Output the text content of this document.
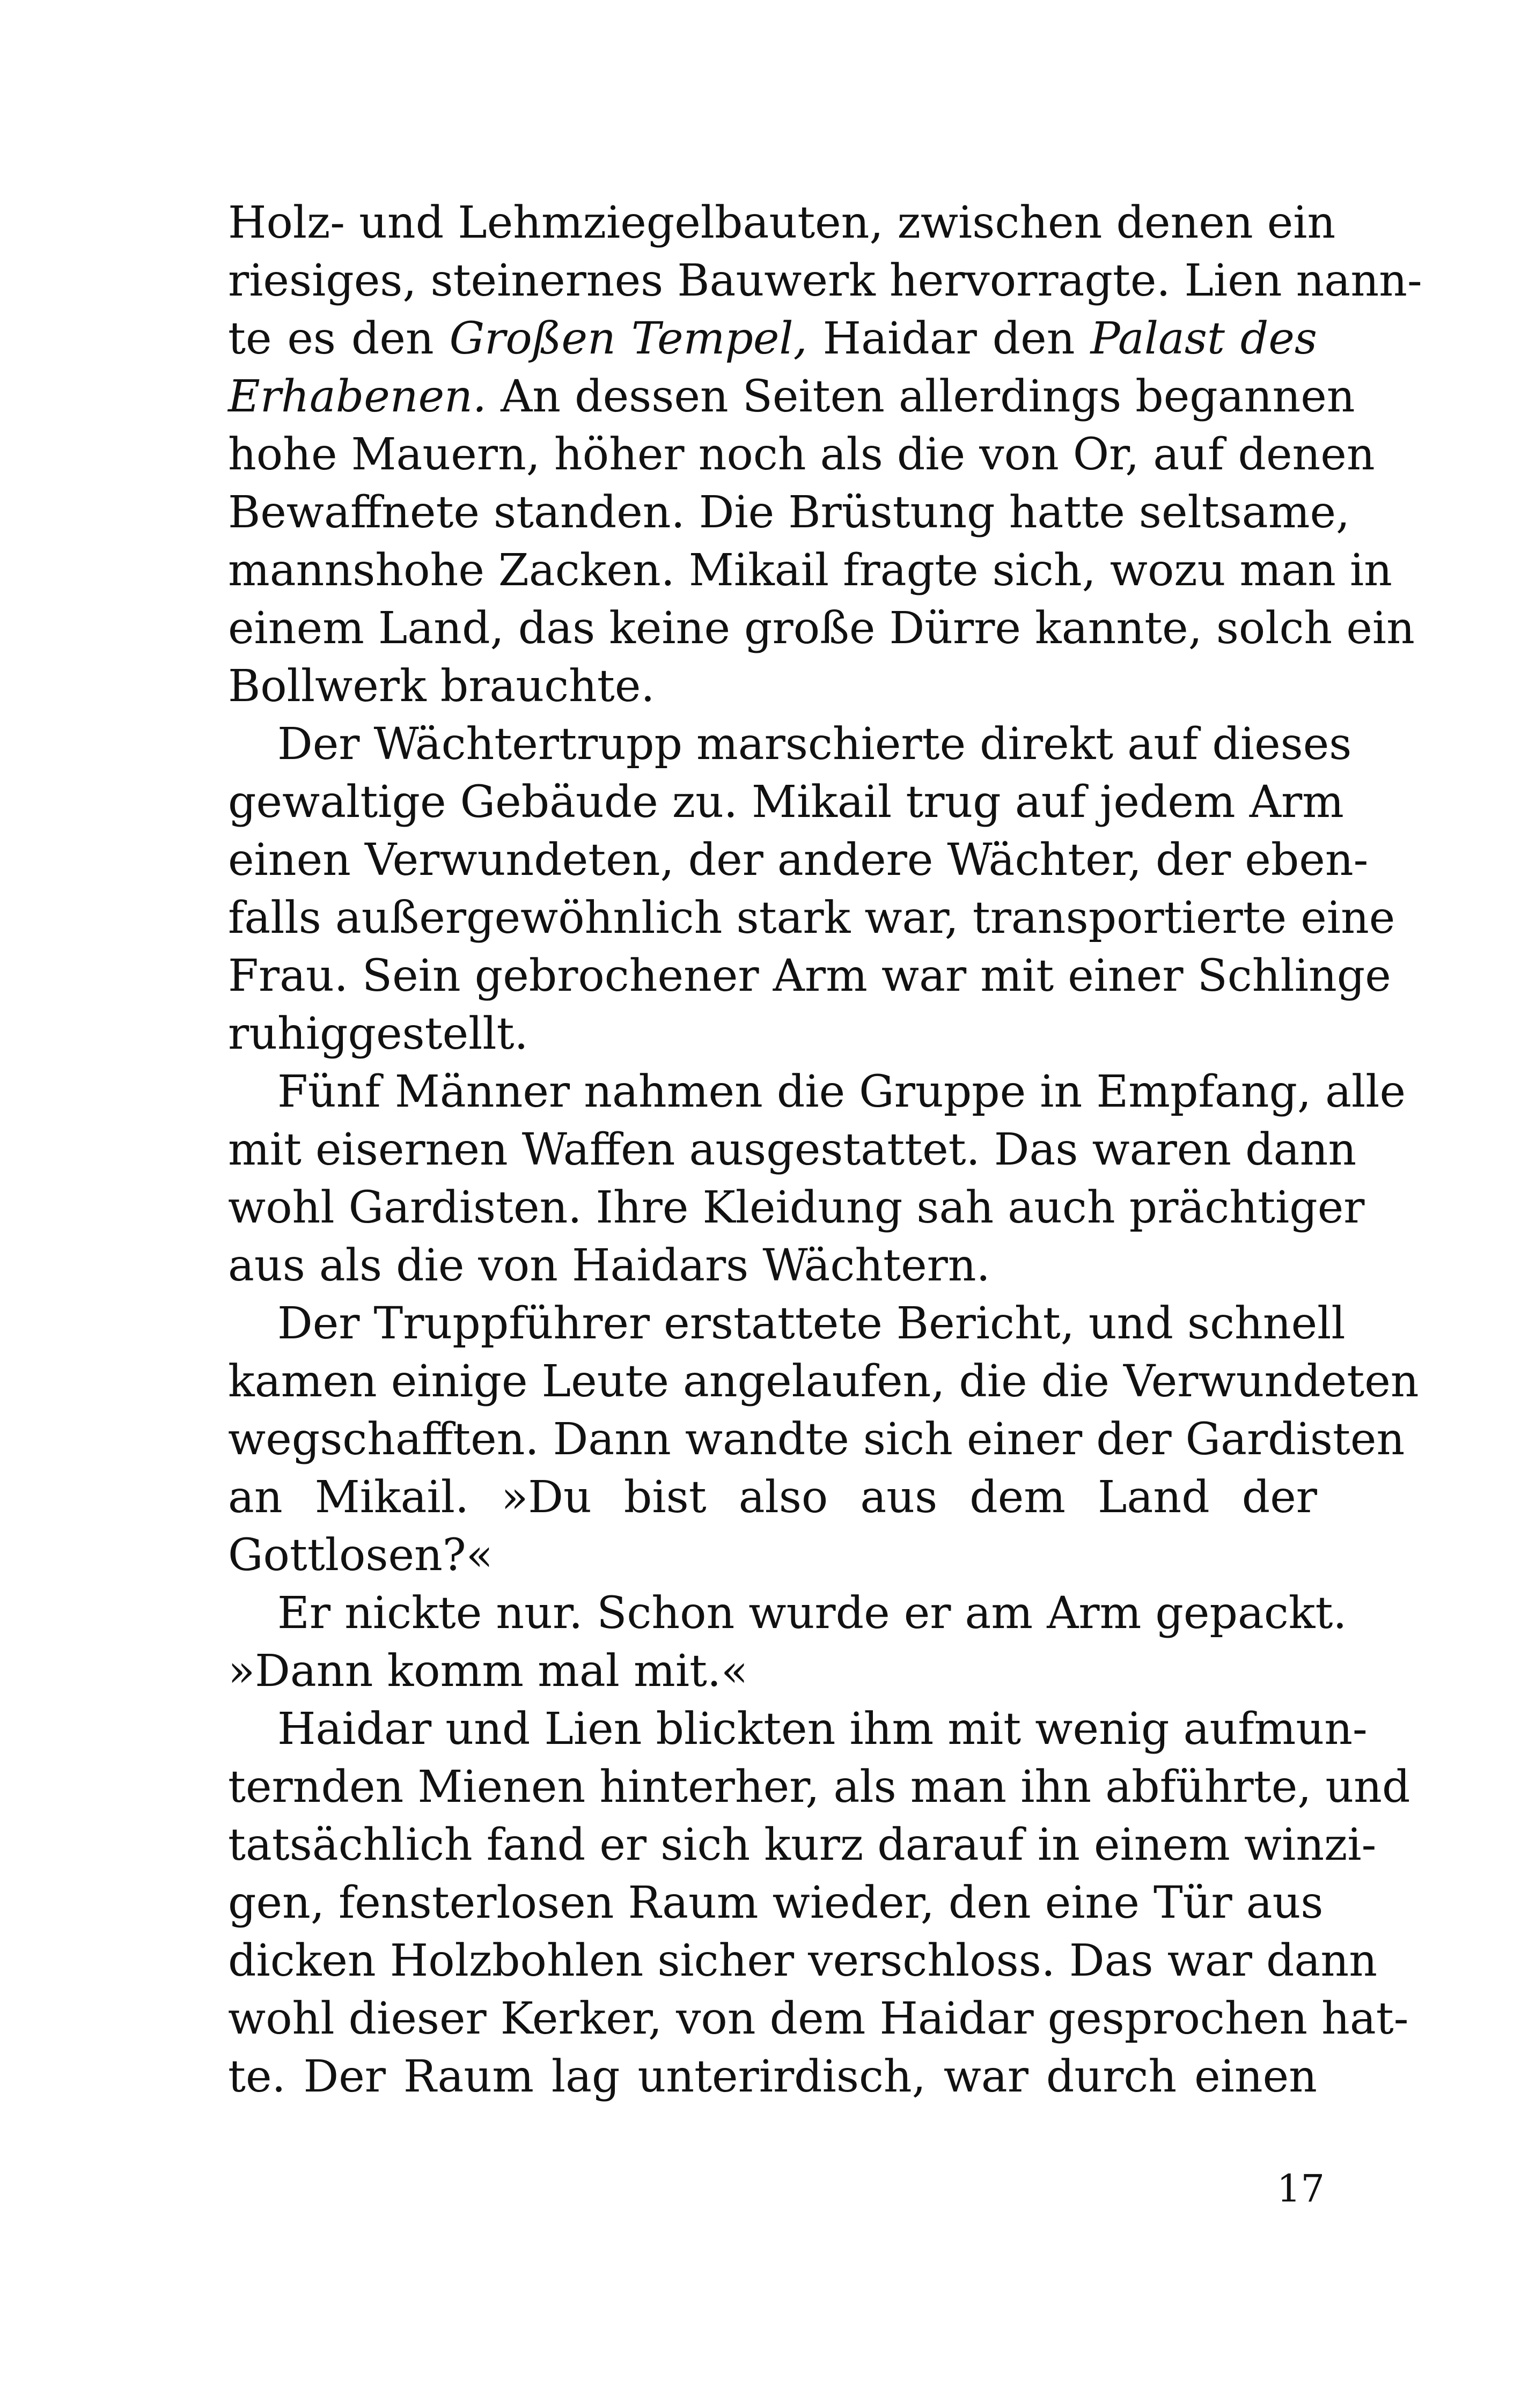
Holz- und Lehmziegelbauten, zwischen denen ein
riesiges, steinernes Bauwerk hervorragte. Lien nann-
te es den Großen Tempel, Haidar den Palast des
Erhabenen. An dessen Seiten allerdings begannen
hohe Mauern, höher noch als die von Or, auf denen
Bewaffnete standen. Die Brüstung hatte seltsame,
mannshohe Zacken. Mikail fragte sich, wozu man in
einem Land, das keine große Dürre kannte, solch ein
Bollwerk brauchte.
Der Wächtertrupp marschierte direkt auf dieses
gewaltige Gebäude zu. Mikail trug auf jedem Arm
einen Verwundeten, der andere Wächter, der eben-
falls außergewöhnlich stark war, transportierte eine
Frau. Sein gebrochener Arm war mit einer Schlinge
ruhiggestellt.
Fünf Männer nahmen die Gruppe in Empfang, alle
mit eisernen Waffen ausgestattet. Das waren dann
wohl Gardisten. Ihre Kleidung sah auch prächtiger
aus als die von Haidars Wächtern.
Der Truppführer erstattete Bericht, und schnell
kamen einige Leute angelaufen, die die Verwundeten
wegschafften. Dann wandte sich einer der Gardisten
an Mikail. »Du bist also aus dem Land der
Gottlosen?«
Er nickte nur. Schon wurde er am Arm gepackt.
»Dann komm mal mit.«
Haidar und Lien blickten ihm mit wenig aufmun-
ternden Mienen hinterher, als man ihn abführte, und
tatsächlich fand er sich kurz darauf in einem winzi-
gen, fensterlosen Raum wieder, den eine Tür aus
dicken Holzbohlen sicher verschloss. Das war dann
wohl dieser Kerker, von dem Haidar gesprochen hat-
te. Der Raum lag unterirdisch, war durch einen
17
